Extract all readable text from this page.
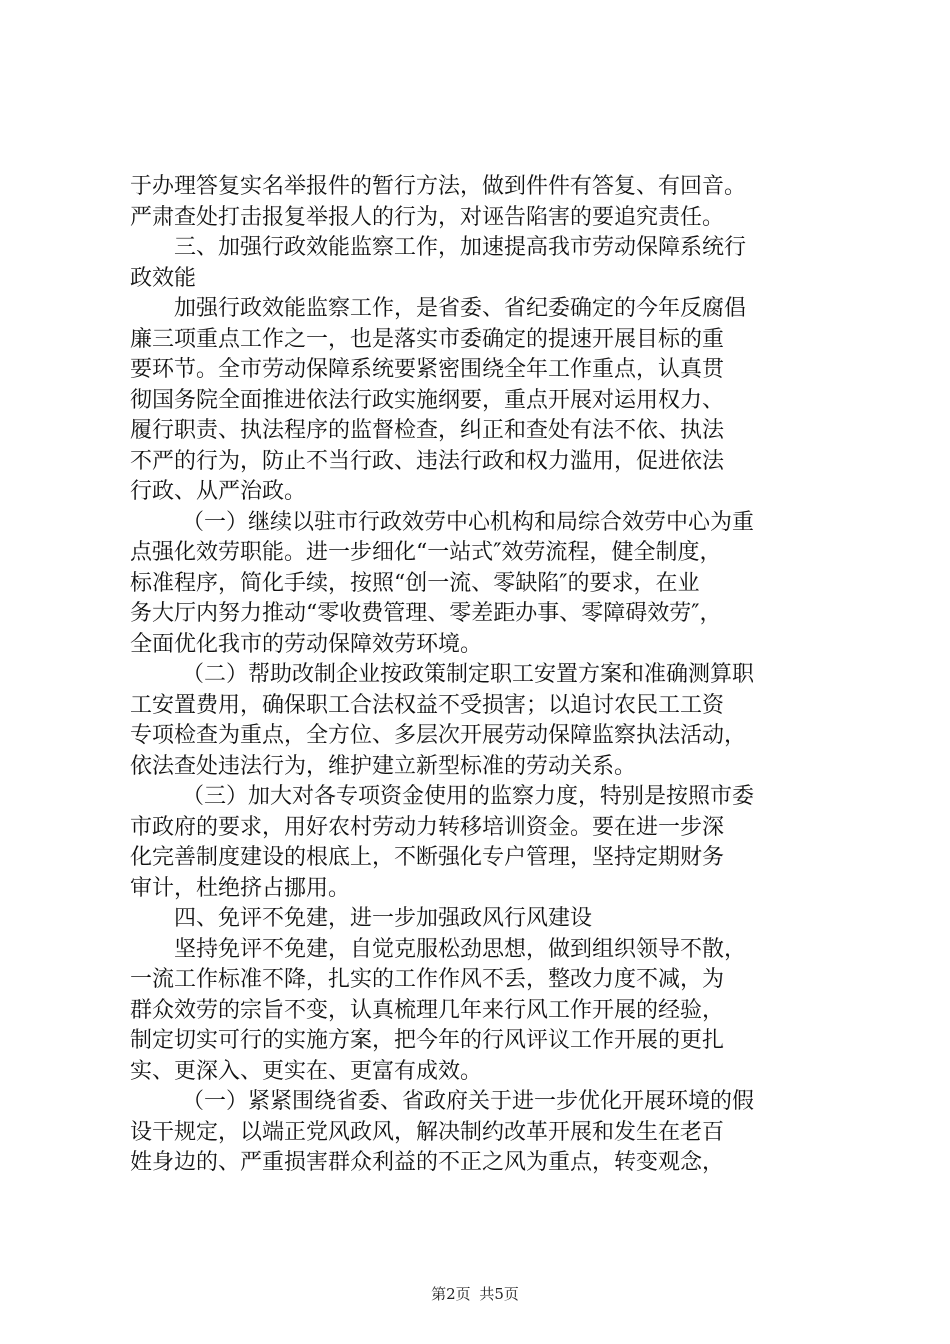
于办理答复实名举报件的暂行方法，做到件件有答复、有回音。
严肃查处打击报复举报人的行为，对诬告陷害的要追究责任。
三、加强行政效能监察工作，加速提高我市劳动保障系统行
政效能
加强行政效能监察工作，是省委、省纪委确定的今年反腐倡
廉三项重点工作之一，也是落实市委确定的提速开展目标的重
要环节。全市劳动保障系统要紧密围绕全年工作重点，认真贯
彻国务院全面推进依法行政实施纲要，重点开展对运用权力、
履行职责、执法程序的监督检查，纠正和查处有法不依、执法
不严的行为，防止不当行政、违法行政和权力滥用，促进依法
行政、从严治政。
（一）继续以驻市行政效劳中心机构和局综合效劳中心为重
点强化效劳职能。进一步细化“一站式″效劳流程，健全制度，
标准程序，简化手续，按照“创一流、零缺陷″的要求，在业
务大厅内努力推动“零收费管理、零差距办事、零障碍效劳″，
全面优化我市的劳动保障效劳环境。
（二）帮助改制企业按政策制定职工安置方案和准确测算职
工安置费用，确保职工合法权益不受损害；以追讨农民工工资
专项检查为重点，全方位、多层次开展劳动保障监察执法活动，
依法查处违法行为，维护建立新型标准的劳动关系。
（三）加大对各专项资金使用的监察力度，特别是按照市委
市政府的要求，用好农村劳动力转移培训资金。要在进一步深
化完善制度建设的根底上，不断强化专户管理，坚持定期财务
审计，杜绝挤占挪用。
四、免评不免建，进一步加强政风行风建设
坚持免评不免建，自觉克服松劲思想，做到组织领导不散，
一流工作标准不降，扎实的工作作风不丢，整改力度不减，为
群众效劳的宗旨不变，认真梳理几年来行风工作开展的经验，
制定切实可行的实施方案，把今年的行风评议工作开展的更扎
实、更深入、更实在、更富有成效。
（一）紧紧围绕省委、省政府关于进一步优化开展环境的假
设干规定，以端正党风政风，解决制约改革开展和发生在老百
姓身边的、严重损害群众利益的不正之风为重点，转变观念，
第2页 共5页
